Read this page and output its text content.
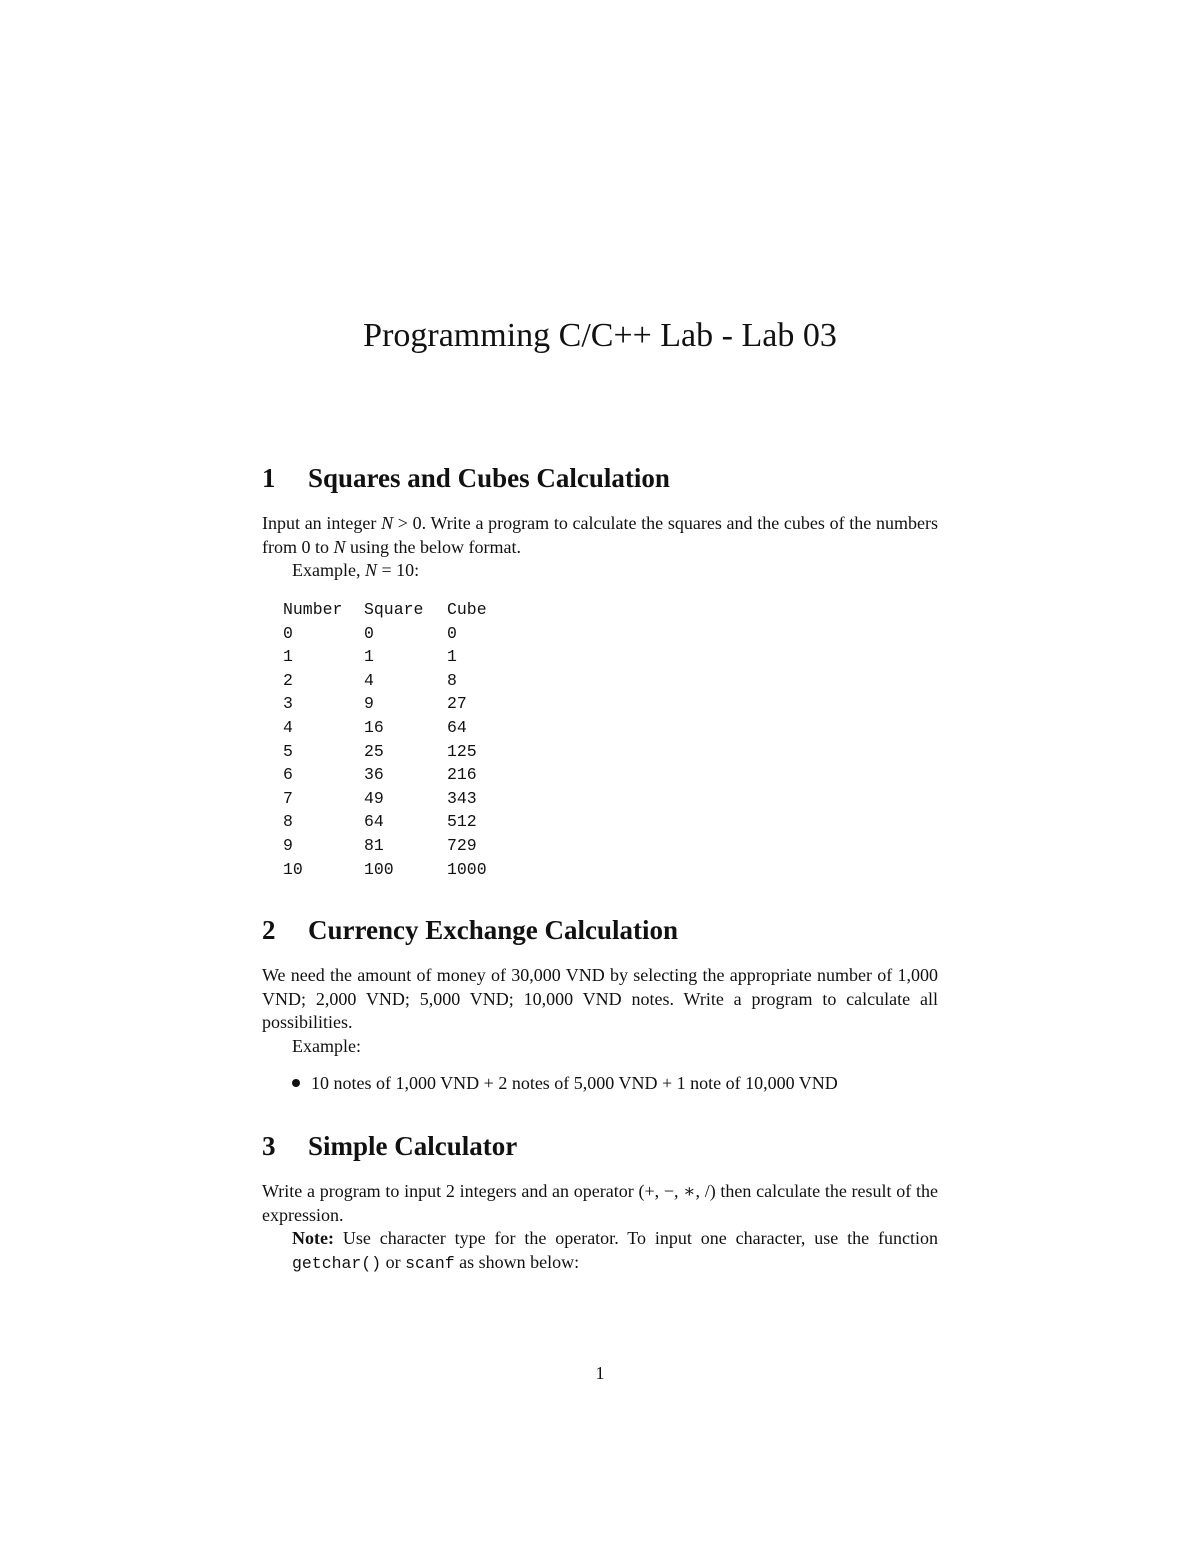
Programming C/C++ Lab - Lab 03
1 Squares and Cubes Calculation

Input an integer N > 0. Write a program to calculate the squares and the cubes of the numbers from 0 to N using the below format.
Example, N = 10:

Number	Square	Cube
0	0	0
1	1	1
2	4	8
3	9	27
4	16	64
5	25	125
6	36	216
7	49	343
8	64	512
9	81	729
10	100	1000
2 Currency Exchange Calculation

We need the amount of money of 30,000 VND by selecting the appropriate number of 1,000 VND; 2,000 VND; 5,000 VND; 10,000 VND notes. Write a program to calculate all possibilities.
Example:

10 notes of 1,000 VND + 2 notes of 5,000 VND + 1 note of 10,000 VND
3 Simple Calculator

Write a program to input 2 integers and an operator (+, −, ∗, /) then calculate the result of the expression.
Note: Use character type for the operator. To input one character, use the function getchar() or scanf as shown below:

1
